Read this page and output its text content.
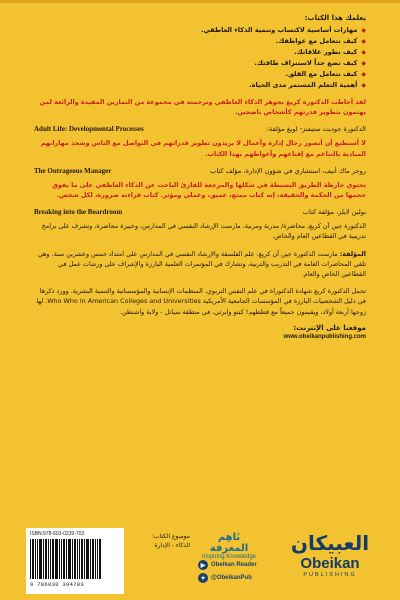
يعلمك هذا الكتاب:
◆
مهارات أساسية لاكتساب وتنمية الذكاء العاطفي.
◆
كيف تتعامل مع عواطفك.
◆
كيف تطور علاقاتك.
◆
كيف تضع حداً لاستنزاف طاقتك.
◆
كيف تتعامل مع القلق.
◆
أهمية التعلم المستمر مدى الحياة.

لقد أحاطت الدكتورة كريغ بجوهر الذكاء العاطفي وترجمته في مجموعة من التمارين المفيدة والرائعة لمن يهتمون بتطوير قدرتهم كأشخاص ناضجين.

الدكتورة جوديث ستيفنز- لوبغ مؤلفة:
Adult Life: Developmental Processes

لا أستطيع أن أتصور رجال إدارة وأعمال لا يريدون تطوير قدراتهم في التواصل مع الناس وشحذ مهاراتهم المبادية بالتناغم مع إقناعهم وأعواطهم بهذا الكتاب.

روجر ماك أنيف، استشاري في شؤون الإدارة، مؤلف كتاب
The Outrageous Manager

تحتوي خارطة الطريق البسيطة في شكلها والمرجعة للقارئ الباحث عن الذكاء العاطفي على ما يفوق حجمها من الحكمة والحقيقة، إنه كتاب ممتع، عميق، وعملي ومؤثر. كتاب قراءته ضرورة، لكل شخص.

بولين لايلز، مؤلفة كتاب
Breaking into the Boardroom

الدكتورة جين آن كريغ، محاضرة/ مدربة ومربية، مارست الإرشاد النفسي في المدارس، وخبيرة محاضرة، وتشرف على برامج تدريبية في القطاعين العام والخاص.

المؤلفة: مارست الدكتورة جين آن كريغ، علم الفلسفة والإرشاد النفسي في المدارس على امتداد خمس وعشرين سنة. وهي تلقي المحاضرات العامة في التدريب والتربية، وتشارك في المؤتمرات العلمية البارزة والإشراف على ورشات عمل في القطاعين الخاص والعام.

تحمل الدكتورة كريغ شهادة الدكتوراة في علم النفس التربوي، المنظمات الإنسانية والمؤسساتية والتنمية البشرية. وورد ذكرها في دليل الشخصيات البارزة في المؤسسات الجامعية الأمريكية Who Who in American Colleges and Universities. لها زوجها أربعة أولاد، ويقيمون جميعاً مع قططهم! كيتو وايرثي، في منطقة سياتل - ولاية واشنطن.

موقعنا على الإنترنت:
www.obeikanpublishing.com
ISBN:978-603-0239-703
9 786030 394783
موضوع الكتاب:
الذكاء - الإدارة
نَاهِم المعرفة
Inspiring Knowledge
▶ Obeikan Reader
✦ @ObeikanPub
العبيكان
Obeikan
PUBLISHING
